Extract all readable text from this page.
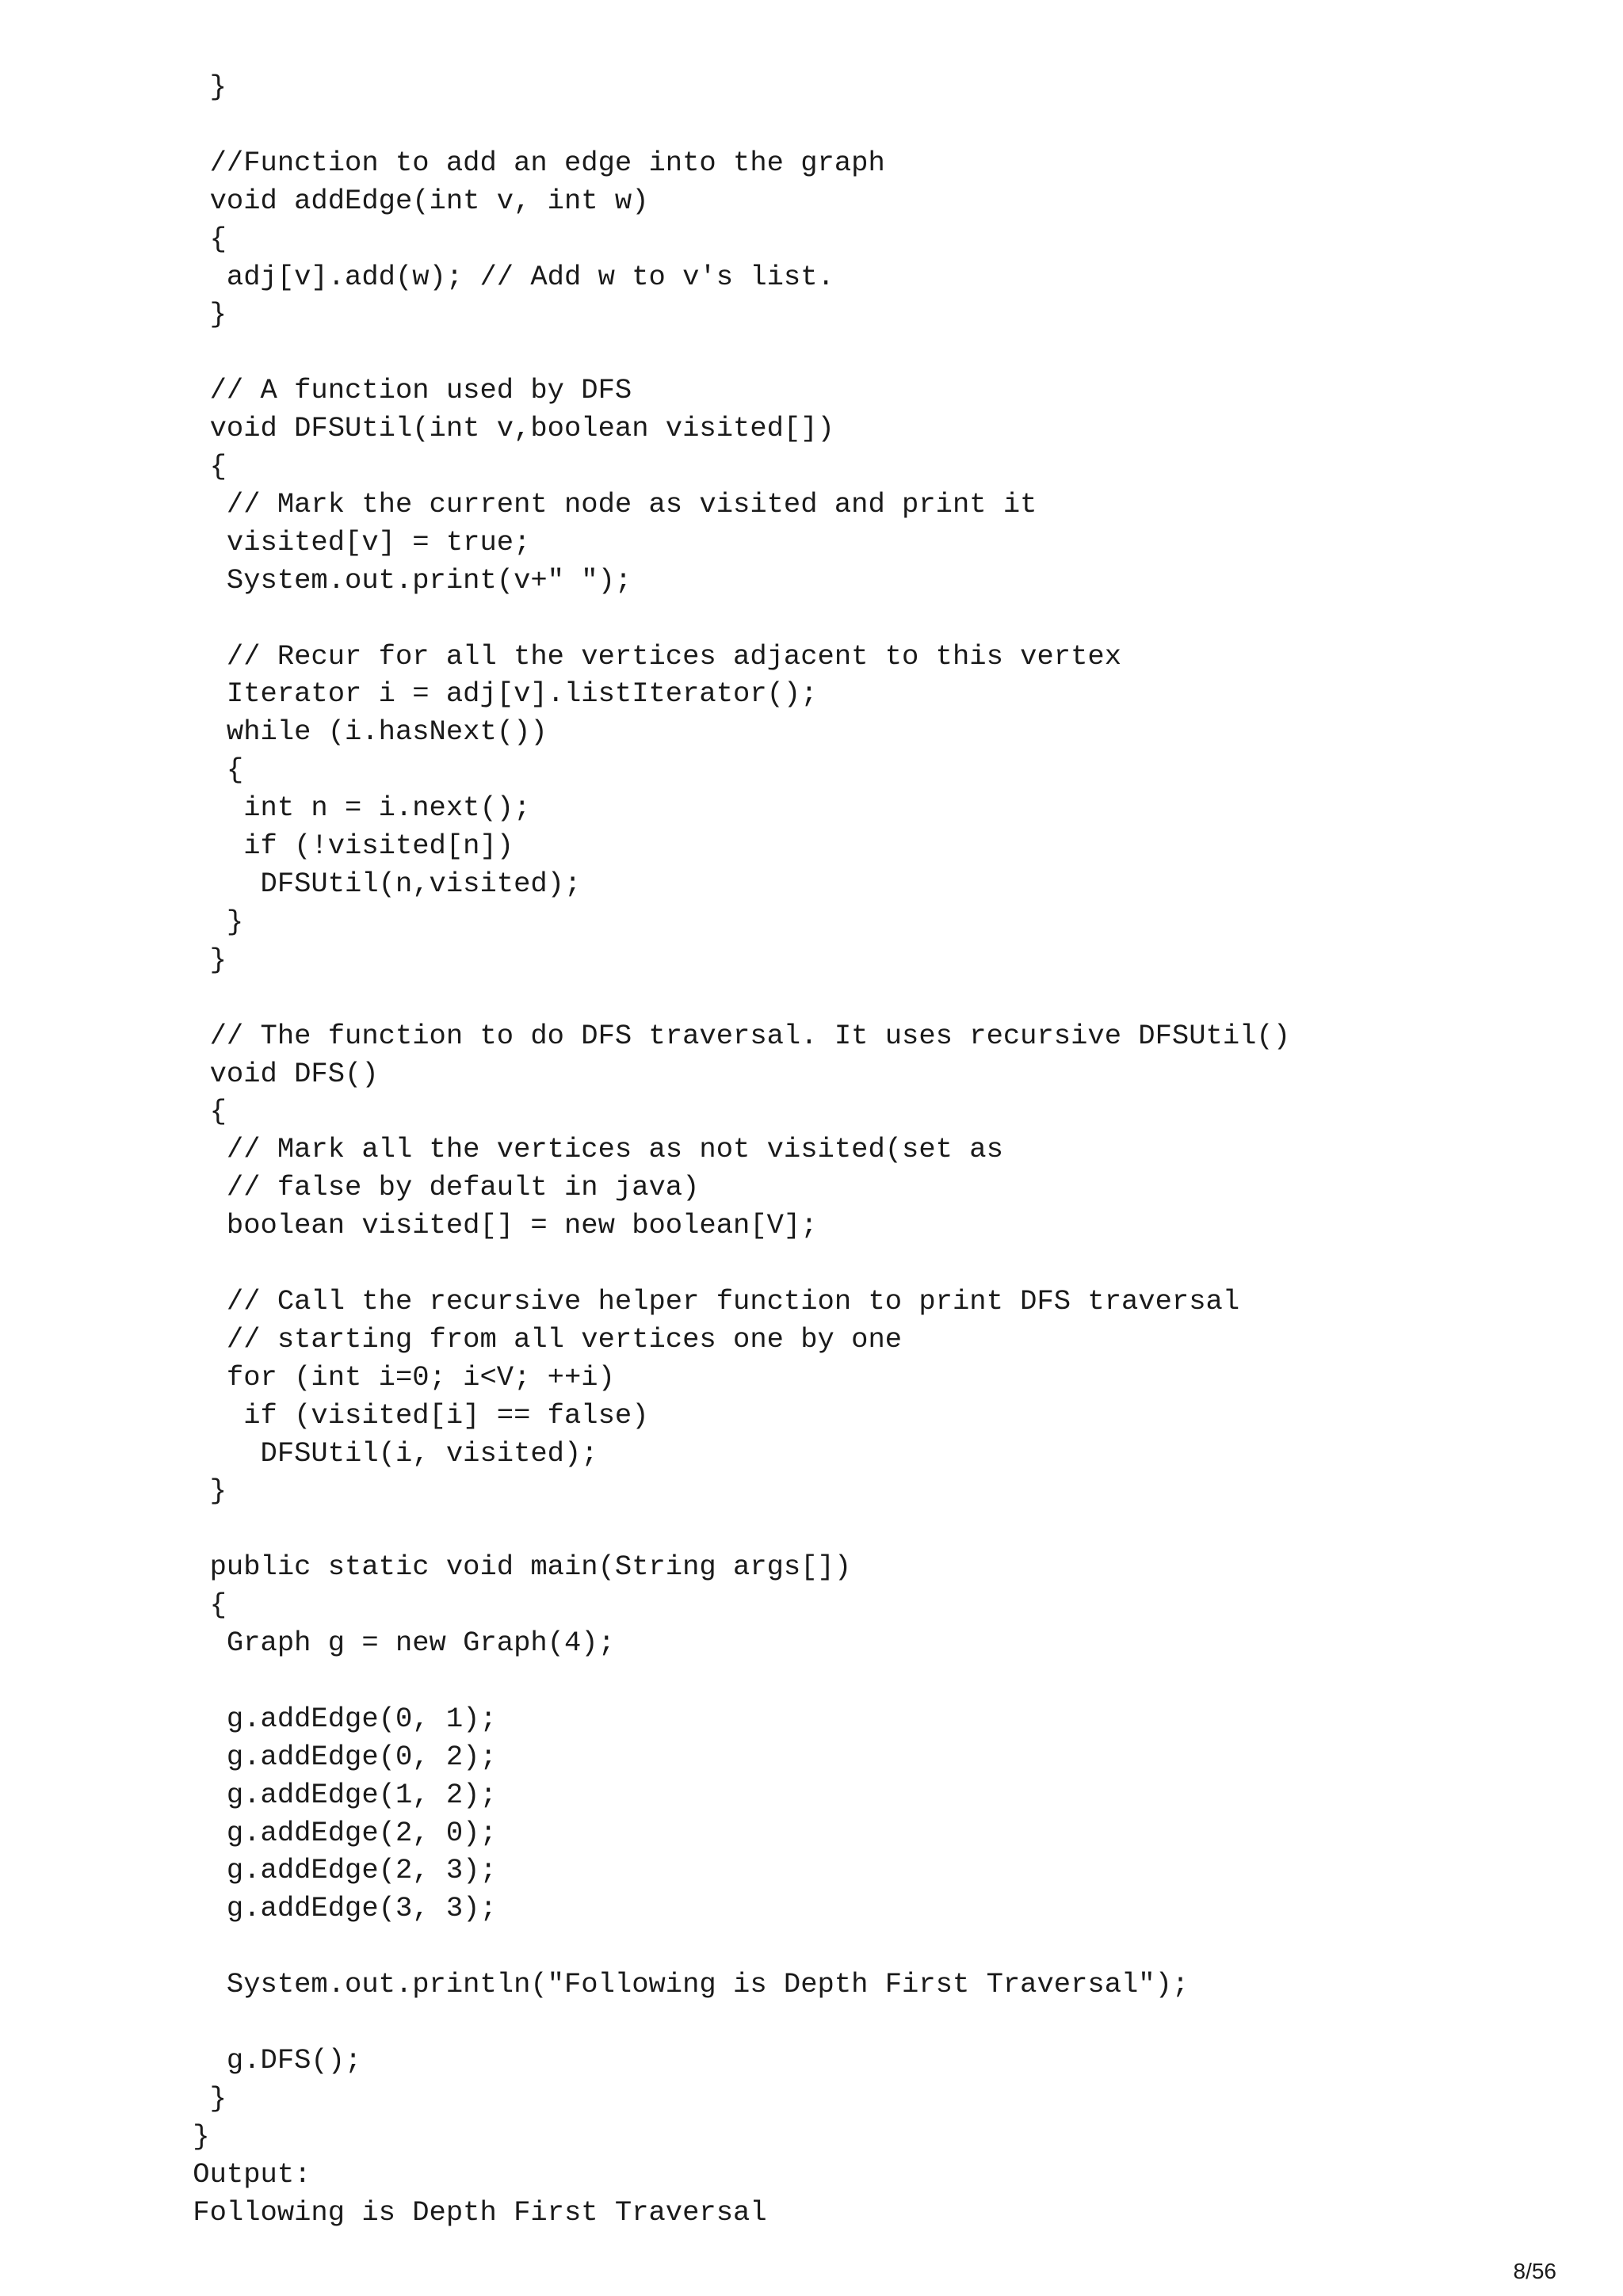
}
//Function to add an edge into the graph
void addEdge(int v, int w)
{
adj[v].add(w); // Add w to v's list.
}
// A function used by DFS
void DFSUtil(int v,boolean visited[])
{
// Mark the current node as visited and print it
visited[v] = true;
System.out.print(v+" ");
// Recur for all the vertices adjacent to this vertex
Iterator i = adj[v].listIterator();
while (i.hasNext())
{
int n = i.next();
if (!visited[n])
DFSUtil(n,visited);
}
}
// The function to do DFS traversal. It uses recursive DFSUtil()
void DFS()
{
// Mark all the vertices as not visited(set as
// false by default in java)
boolean visited[] = new boolean[V];
// Call the recursive helper function to print DFS traversal
// starting from all vertices one by one
for (int i=0; i<V; ++i)
if (visited[i] == false)
DFSUtil(i, visited);
}
public static void main(String args[])
{
Graph g = new Graph(4);
g.addEdge(0, 1);
g.addEdge(0, 2);
g.addEdge(1, 2);
g.addEdge(2, 0);
g.addEdge(2, 3);
g.addEdge(3, 3);
System.out.println("Following is Depth First Traversal");
g.DFS();
}
}
Output:
Following is Depth First Traversal
8/56
